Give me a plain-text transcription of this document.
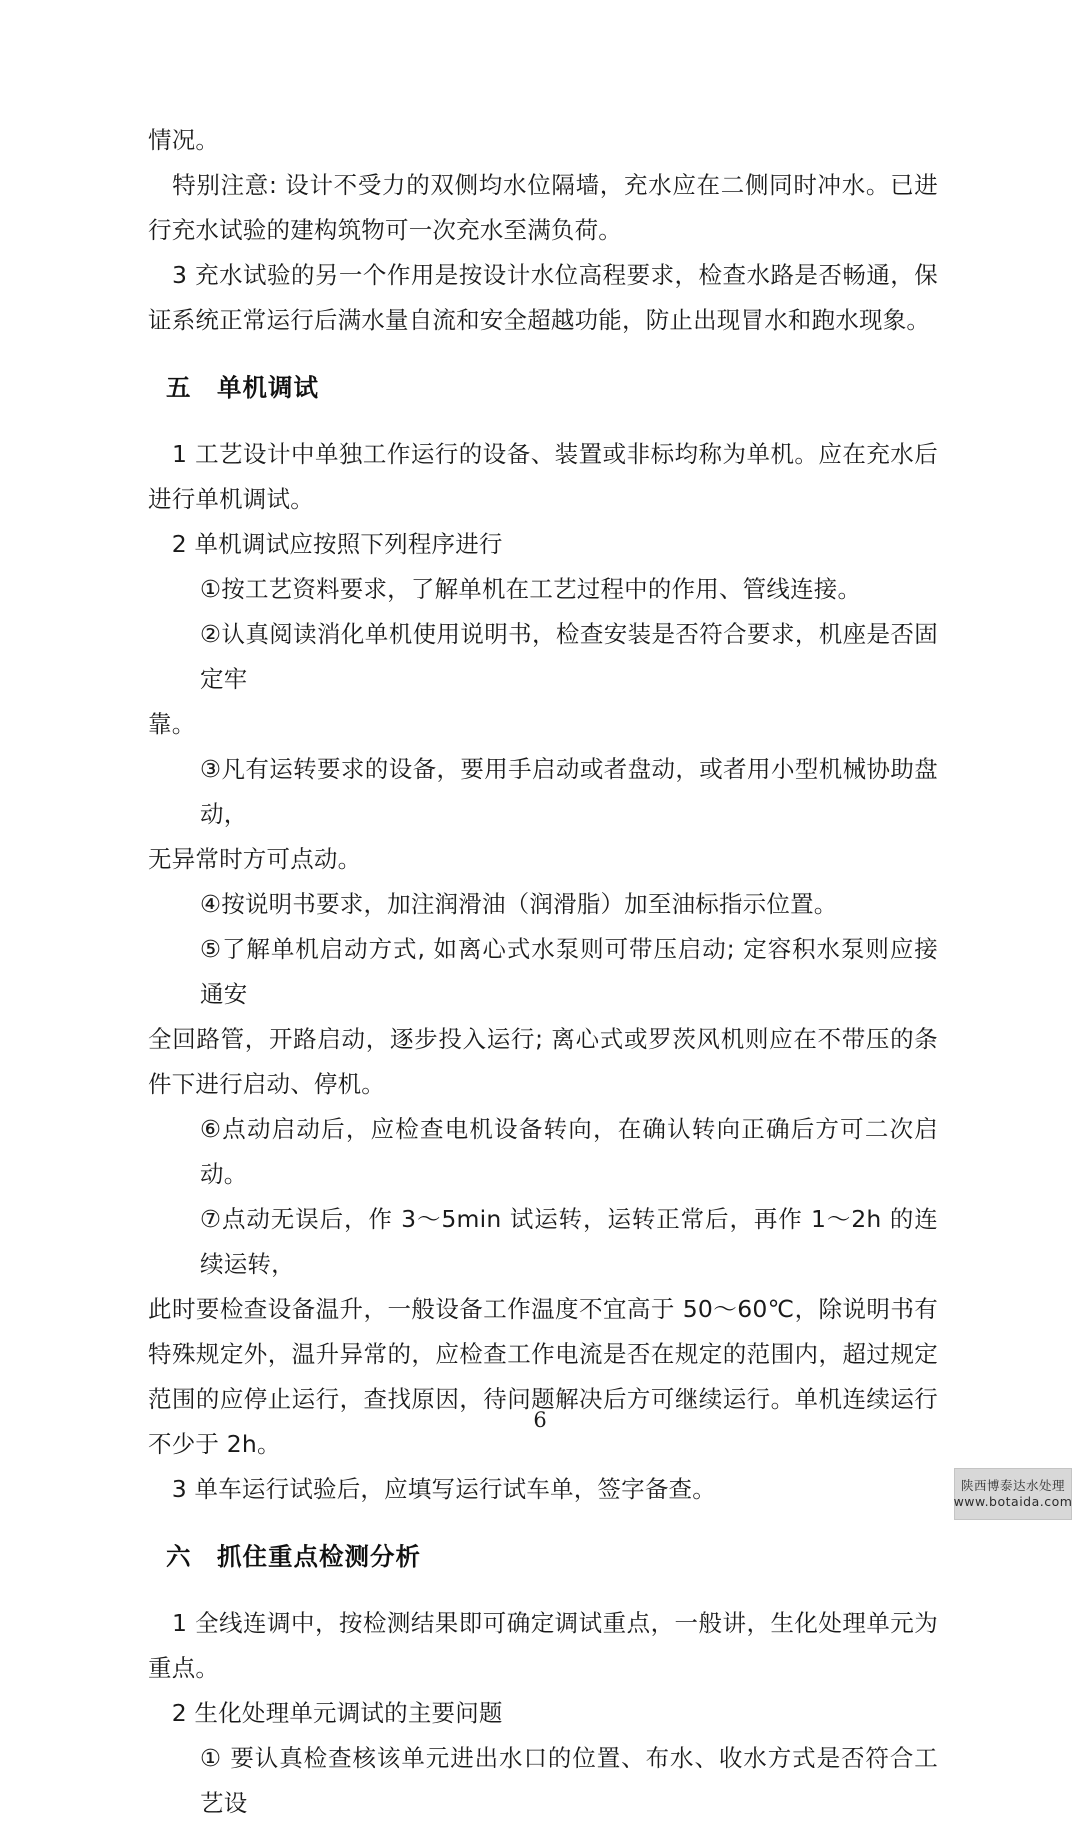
情况。

　特别注意: 设计不受力的双侧均水位隔墙，充水应在二侧同时冲水。已进行充水试验的建构筑物可一次充水至满负荷。

　3 充水试验的另一个作用是按设计水位高程要求，检查水路是否畅通，保证系统正常运行后满水量自流和安全超越功能，防止出现冒水和跑水现象。

五　单机调试

　1 工艺设计中单独工作运行的设备、装置或非标均称为单机。应在充水后进行单机调试。

　2 单机调试应按照下列程序进行

①按工艺资料要求，了解单机在工艺过程中的作用、管线连接。

②认真阅读消化单机使用说明书，检查安装是否符合要求，机座是否固定牢

靠。

③凡有运转要求的设备，要用手启动或者盘动，或者用小型机械协助盘动，

无异常时方可点动。

④按说明书要求，加注润滑油（润滑脂）加至油标指示位置。

⑤了解单机启动方式, 如离心式水泵则可带压启动; 定容积水泵则应接通安

全回路管，开路启动，逐步投入运行; 离心式或罗茨风机则应在不带压的条件下进行启动、停机。

⑥点动启动后，应检查电机设备转向，在确认转向正确后方可二次启动。

⑦点动无误后，作 3～5min 试运转，运转正常后，再作 1～2h 的连续运转，

此时要检查设备温升，一般设备工作温度不宜高于 50～60℃，除说明书有特殊规定外，温升异常的，应检查工作电流是否在规定的范围内，超过规定范围的应停止运行，查找原因，待问题解决后方可继续运行。单机连续运行不少于 2h。

　3 单车运行试验后，应填写运行试车单，签字备查。

六　抓住重点检测分析

　1 全线连调中，按检测结果即可确定调试重点，一般讲，生化处理单元为重点。

　2 生化处理单元调试的主要问题

① 要认真检查核该单元进出水口的位置、布水、收水方式是否符合工艺设

6
陕西博泰达水处理
www.botaida.com
